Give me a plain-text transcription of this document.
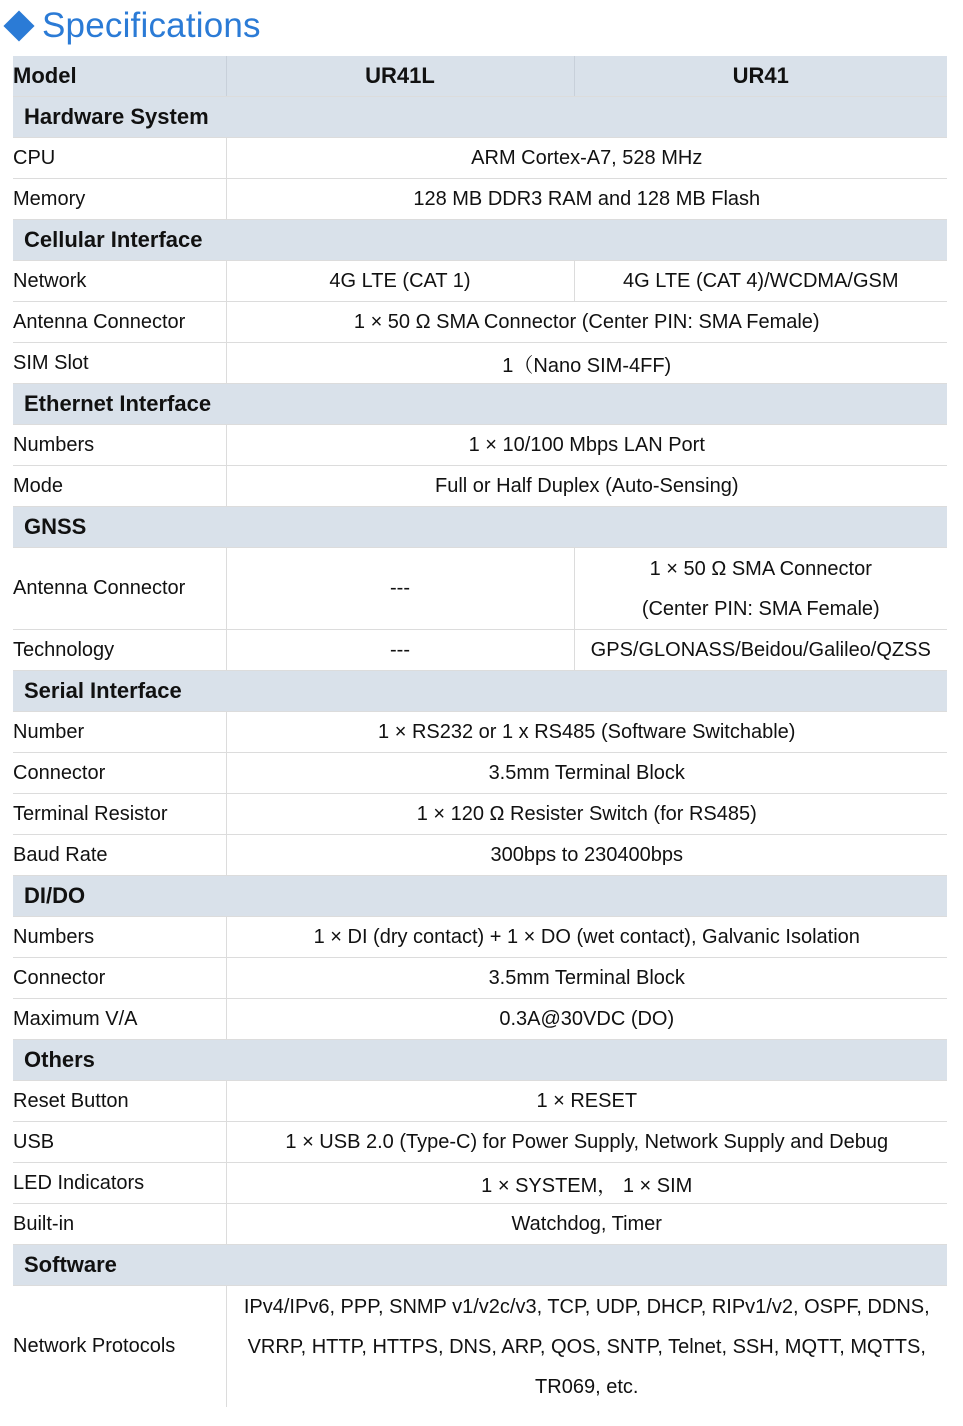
Specifications
Model	UR41L	UR41
Hardware System		
CPU	ARM Cortex-A7, 528 MHz	
Memory	128 MB DDR3 RAM and 128 MB Flash	
Cellular Interface		
Network	4G LTE (CAT 1)	4G LTE (CAT 4)/WCDMA/GSM
Antenna Connector	1 × 50 Ω SMA Connector (Center PIN: SMA Female)	
SIM Slot	1（Nano SIM-4FF)	
Ethernet Interface		
Numbers	1 × 10/100 Mbps LAN Port	
Mode	Full or Half Duplex (Auto-Sensing)	
GNSS		
Antenna Connector	---	1 × 50 Ω SMA Connector
(Center PIN: SMA Female)

Technology	---	GPS/GLONASS/Beidou/Galileo/QZSS
Serial Interface		
Number	1 × RS232 or 1 x RS485 (Software Switchable)	
Connector	3.5mm Terminal Block	
Terminal Resistor	1 × 120 Ω Resister Switch (for RS485)	
Baud Rate	300bps to 230400bps	
DI/DO		
Numbers	1 × DI (dry contact) + 1 × DO (wet contact), Galvanic Isolation	
Connector	3.5mm Terminal Block	
Maximum V/A	0.3A@30VDC (DO)	
Others		
Reset Button	1 × RESET	
USB	1 × USB 2.0 (Type-C) for Power Supply, Network Supply and Debug	
LED Indicators	1 × SYSTEM， 1 × SIM	
Built-in	Watchdog, Timer	
Software		
Network Protocols	IPv4/IPv6, PPP, SNMP v1/v2c/v3, TCP, UDP, DHCP, RIPv1/v2, OSPF, DDNS,
VRRP, HTTP, HTTPS, DNS, ARP, QOS, SNTP, Telnet, SSH, MQTT, MQTTS,
TR069, etc.	
